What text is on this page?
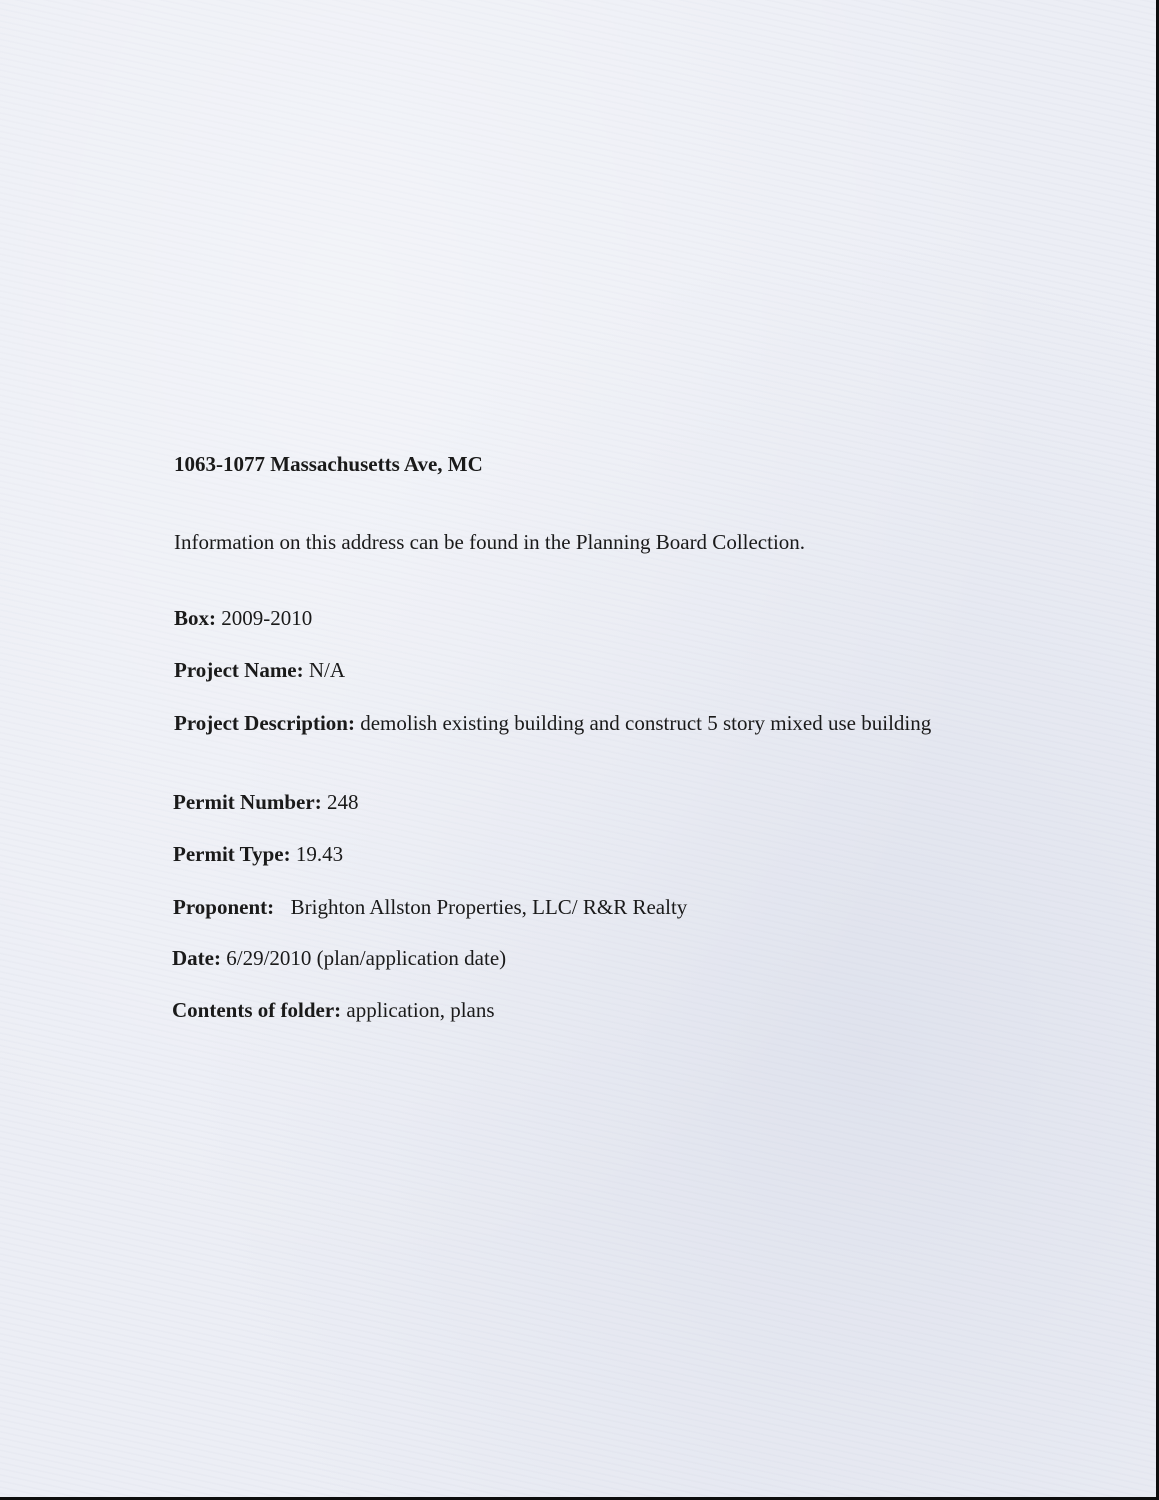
1063-1077 Massachusetts Ave, MC
Information on this address can be found in the Planning Board Collection.
Box: 2009-2010
Project Name: N/A
Project Description: demolish existing building and construct 5 story mixed use building
Permit Number: 248
Permit Type: 19.43
Proponent: Brighton Allston Properties, LLC/ R&R Realty
Date: 6/29/2010 (plan/application date)
Contents of folder: application, plans
